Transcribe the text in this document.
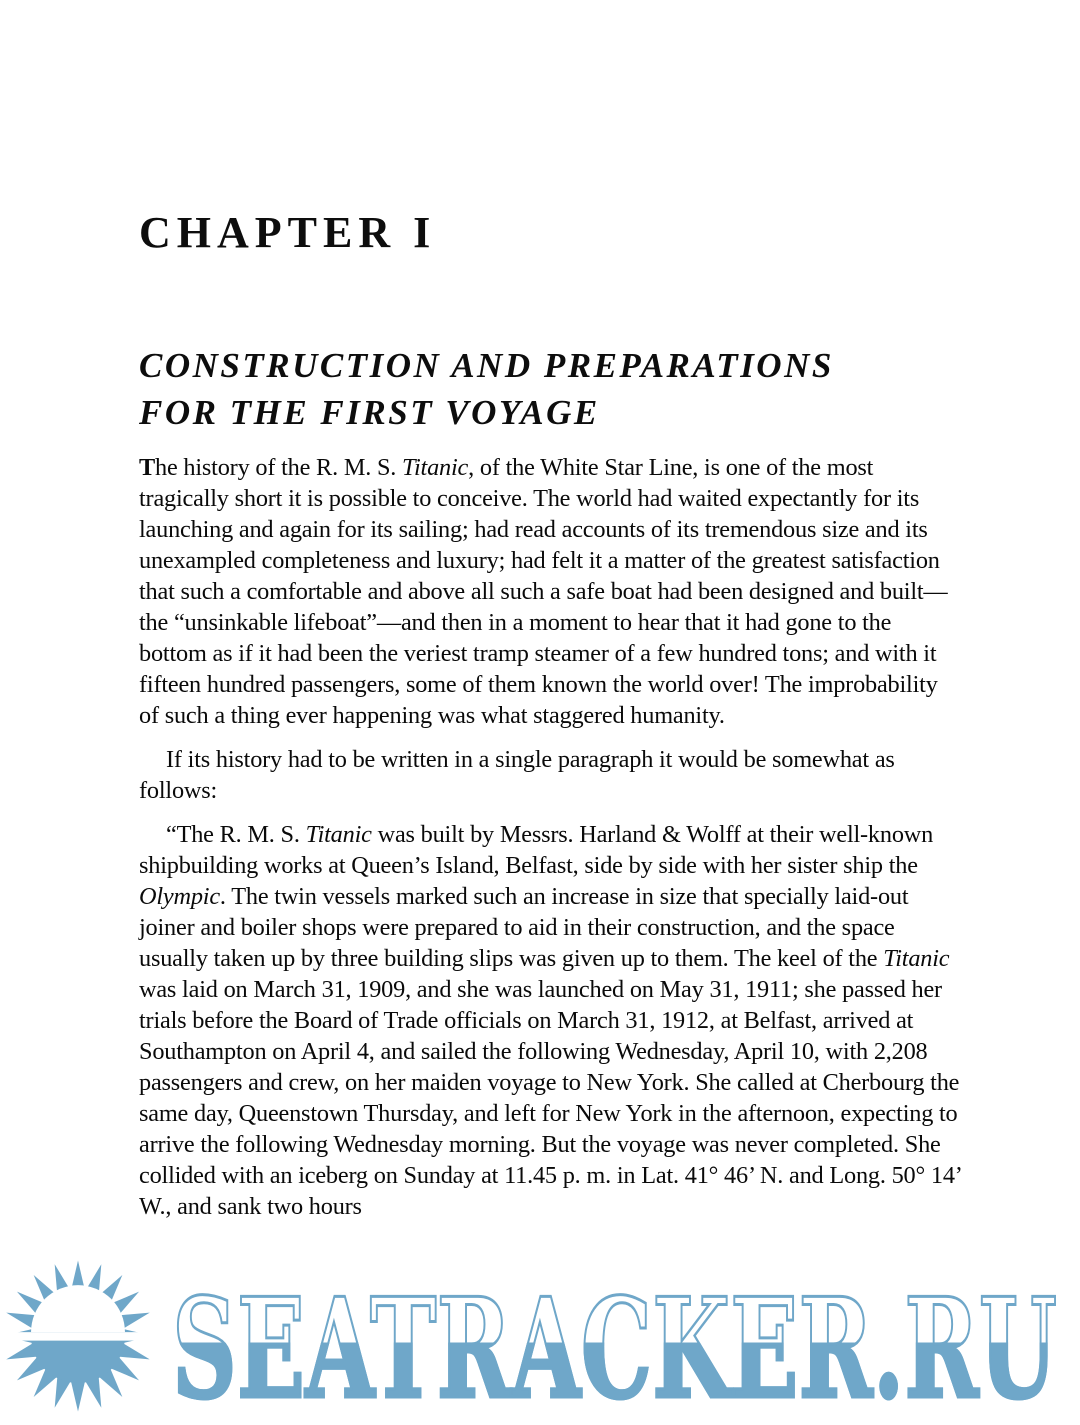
CHAPTER I
CONSTRUCTION AND PREPARATIONS
FOR THE FIRST VOYAGE

The history of the R. M. S. Titanic, of the White Star Line, is one of the most tragically short it is possible to conceive. The world had waited expectantly for its launching and again for its sailing; had read accounts of its tremendous size and its unexampled completeness and luxury; had felt it a matter of the greatest satisfaction that such a comfortable and above all such a safe boat had been designed and built—the “unsinkable lifeboat”—and then in a moment to hear that it had gone to the bottom as if it had been the veriest tramp steamer of a few hundred tons; and with it fifteen hundred passengers, some of them known the world over! The improbability of such a thing ever happening was what staggered humanity.

If its history had to be written in a single paragraph it would be somewhat as follows:

“The R. M. S. Titanic was built by Messrs. Harland & Wolff at their well-known shipbuilding works at Queen’s Island, Belfast, side by side with her sister ship the Olympic. The twin vessels marked such an increase in size that specially laid-out joiner and boiler shops were prepared to aid in their construction, and the space usually taken up by three building slips was given up to them. The keel of the Titanic was laid on March 31, 1909, and she was launched on May 31, 1911; she passed her trials before the Board of Trade officials on March 31, 1912, at Belfast, arrived at Southampton on April 4, and sailed the following Wednesday, April 10, with 2,208 passengers and crew, on her maiden voyage to New York. She called at Cherbourg the same day, Queenstown Thursday, and left for New York in the afternoon, expecting to arrive the following Wednesday morning. But the voyage was never completed. She collided with an iceberg on Sunday at 11.45 p. m. in Lat. 41° 46’ N. and Long. 50° 14’ W., and sank two hours

SEATRACKER.RU
